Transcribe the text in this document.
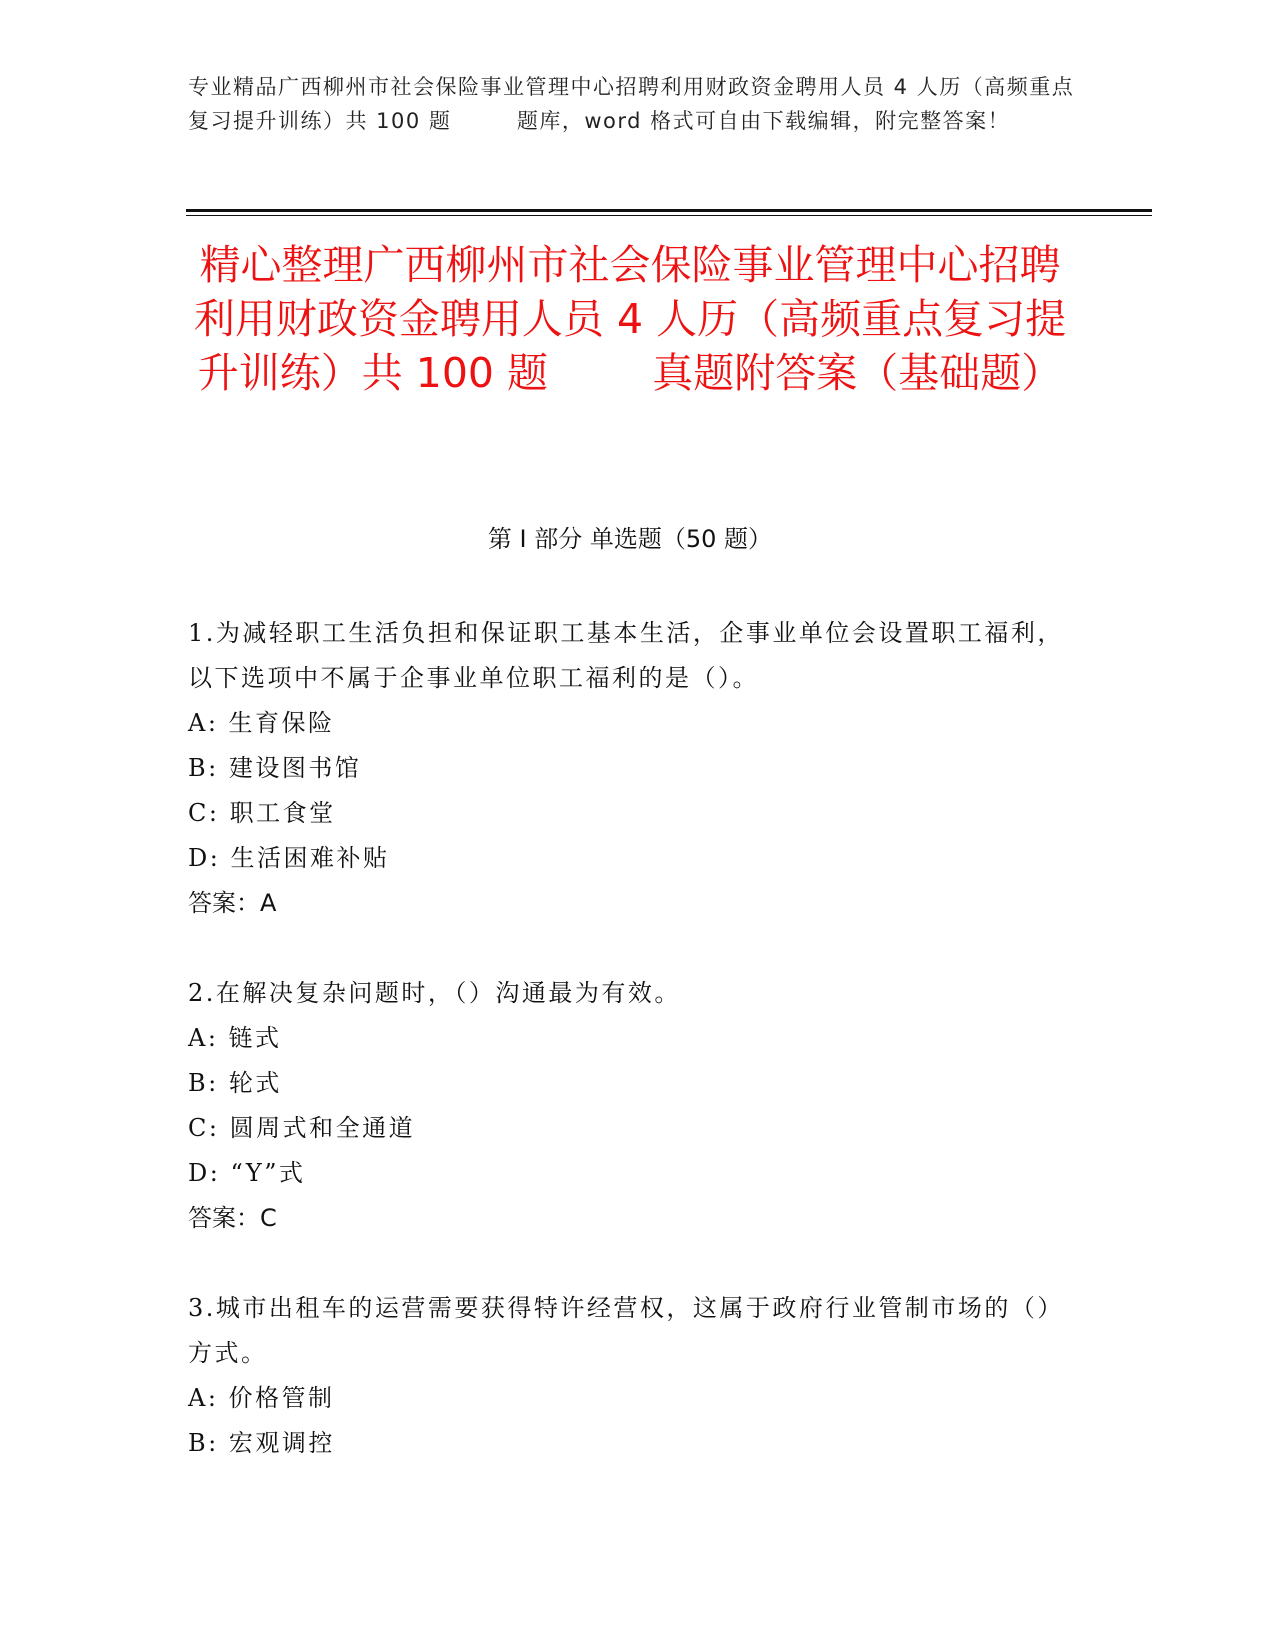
专业精品广西柳州市社会保险事业管理中心招聘利用财政资金聘用人员 4 人历（高频重点复习提升训练）共 100 题        题库，word 格式可自由下载编辑，附完整答案！
精心整理广西柳州市社会保险事业管理中心招聘利用财政资金聘用人员 4 人历（高频重点复习提升训练）共 100 题        真题附答案（基础题）
第 I 部分 单选题（50 题）
1.为减轻职工生活负担和保证职工基本生活，企事业单位会设置职工福利，以下选项中不属于企事业单位职工福利的是（）。
A: 生育保险
B: 建设图书馆
C: 职工食堂
D: 生活困难补贴
答案：A
2.在解决复杂问题时，（）沟通最为有效。
A: 链式
B: 轮式
C: 圆周式和全通道
D: “Y”式
答案：C
3.城市出租车的运营需要获得特许经营权，这属于政府行业管制市场的（）方式。
A: 价格管制
B: 宏观调控
